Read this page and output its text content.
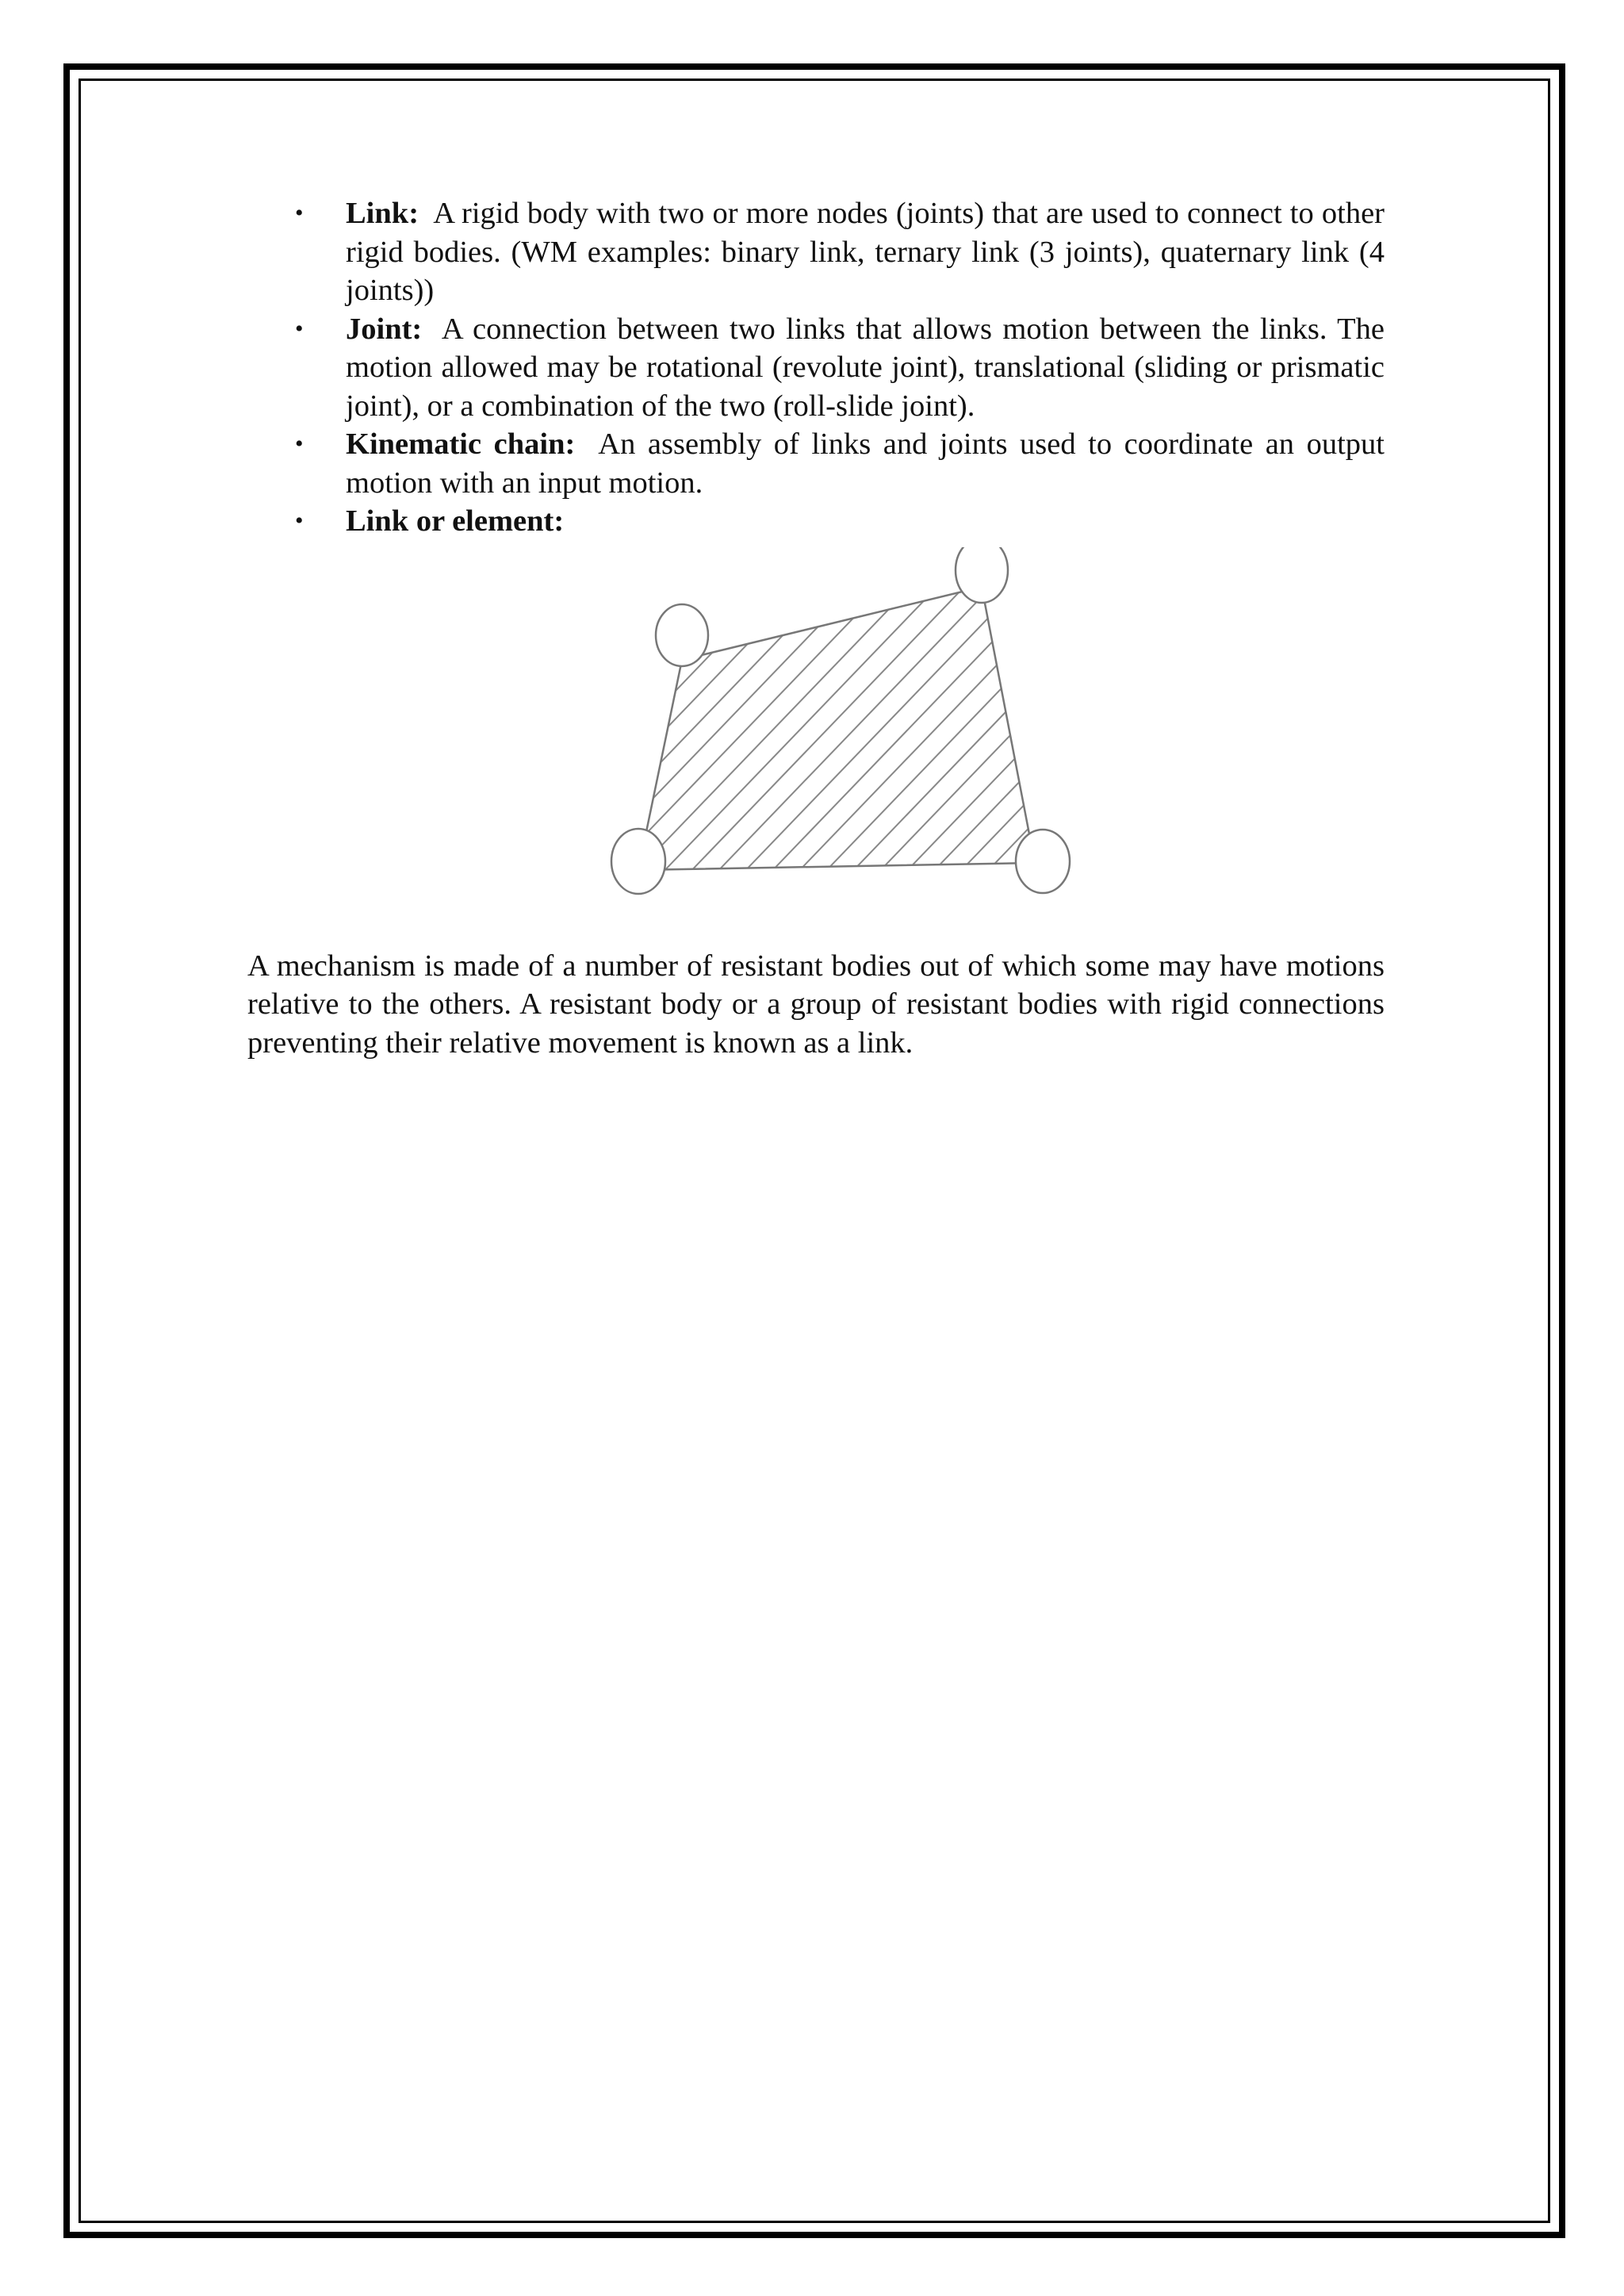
• Link: A rigid body with two or more nodes (joints) that are used to connect to other rigid bodies. (WM examples: binary link, ternary link (3 joints), quaternary link (4 joints))
• Joint: A connection between two links that allows motion between the links. The motion allowed may be rotational (revolute joint), translational (sliding or prismatic joint), or a combination of the two (roll-slide joint).
• Kinematic chain: An assembly of links and joints used to coordinate an output motion with an input motion.
• Link or element:

A mechanism is made of a number of resistant bodies out of which some may have motions relative to the others. A resistant body or a group of resistant bodies with rigid connections preventing their relative movement is known as a link.
